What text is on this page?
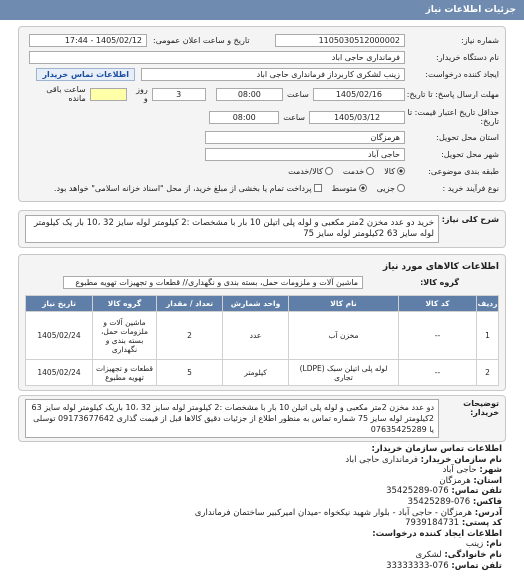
جزئیات اطلاعات نیاز
شماره نیاز:
1105030512000002
تاریخ و ساعت اعلان عمومی:
1405/02/12 - 17:44
نام دستگاه خریدار:
فرمانداری حاجی اباد
ایجاد کننده درخواست:
زینب لشکری کاربرداز فرمانداری حاجی اباد
اطلاعات تماس خریدار
مهلت ارسال پاسخ: تا تاریخ:
1405/02/16
ساعت
08:00
3
روز و
ساعت باقی مانده
حداقل تاریخ اعتبار قیمت: تا تاریخ:
1405/03/12
ساعت
08:00
استان محل تحویل:
هرمزگان
شهر محل تحویل:
حاجی آباد
طبقه بندی موضوعی:
کالا
خدمت
کالا/خدمت
نوع فرآیند خرید :
جزیی
متوسط
پرداخت تمام یا بخشی از مبلغ خرید، از محل "اسناد خزانه اسلامی" خواهد بود.
شرح کلی نیاز:
خرید دو عدد مخزن 2متر مکعبی و لوله پلی اتیلن 10 بار با مشخصات :2 کیلومتر لوله سایز 32 ،10 بار یک کیلومتر لوله سایز 63 2کیلومتر لوله سایز 75
اطلاعات کالاهای مورد نیاز
گروه کالا:
ماشین آلات و ملزومات حمل، بسته بندی و نگهداری// قطعات و تجهیزات تهویه مطبوع
ردیف	کد کالا	نام کالا	واحد شمارش	تعداد / مقدار	گروه کالا	تاریخ نیاز
1	--	مخزن آب	عدد	2	ماشین آلات و ملزومات حمل، بسته بندی و نگهداری	1405/02/24
2	--	لوله پلی اتیلن سبک (LDPE) تجاری	کیلومتر	5	قطعات و تجهیزات تهویه مطبوع	1405/02/24
توضیحات خریدار:
دو عدد مخزن 2متر مکعبی و لوله پلی اتیلن 10 بار با مشخصات :2 کیلومتر لوله سایز 32 ،10 باریک کیلومتر لوله سایز 63 2کیلومتر لوله سایز 75 شماره تماس به منظور اطلاع از جزئیات دقیق کالاها قبل از قیمت گذاری 09173677642 توسلی یا 07635425289
اطلاعات تماس سازمان خریدار:
نام سازمان خریدار: فرمانداری حاجی اباد
شهر: حاجی آباد
استان: هرمزگان
تلفن تماس: 076-35425289
فاکس: 076-35425289
آدرس: هرمزگان - حاجی آباد - بلوار شهید نیکخواه -میدان امیرکبیر ساختمان فرمانداری
کد پستی: 7939184731
اطلاعات ایجاد کننده درخواست:
نام: زینب
نام خانوادگی: لشکری
تلفن تماس: 076-33333333
